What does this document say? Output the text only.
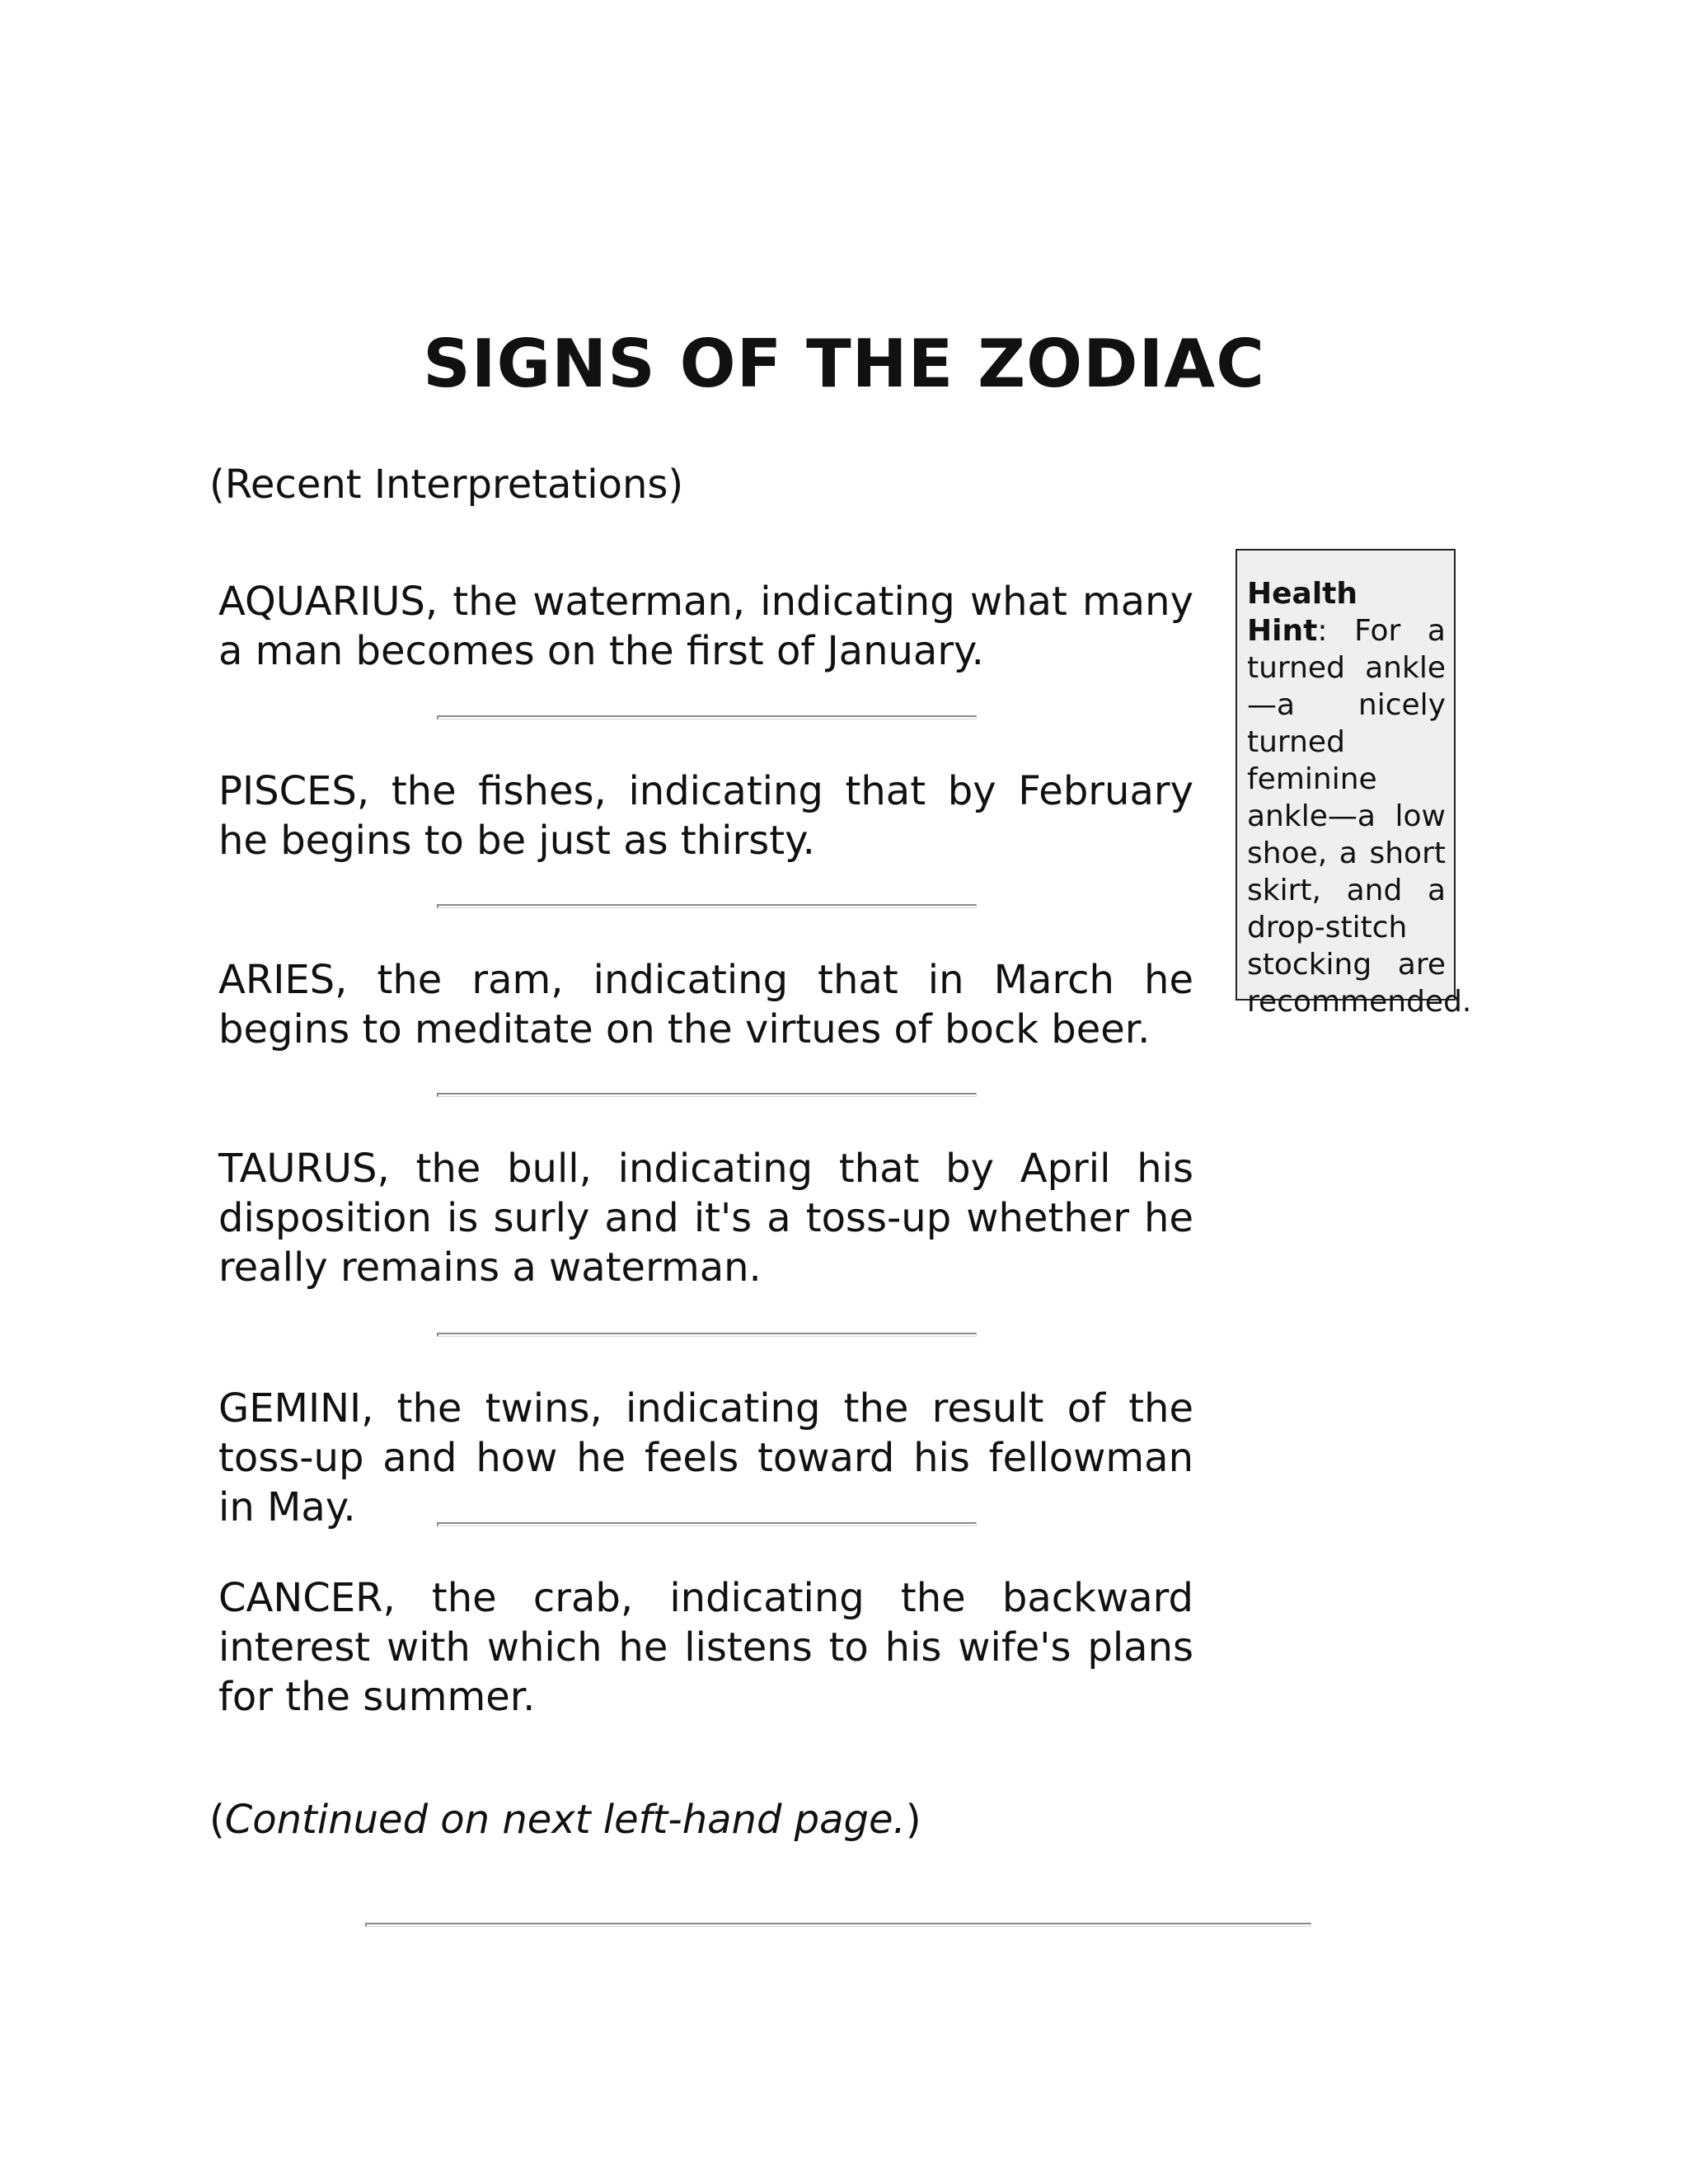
SIGNS OF THE ZODIAC

(Recent Interpretations)

AQUARIUS, the waterman, indicating what many a man becomes on the first of January.

PISCES, the fishes, indicating that by February he begins to be just as thirsty.

ARIES, the ram, indicating that in March he begins to meditate on the virtues of bock beer.

TAURUS, the bull, indicating that by April his disposition is surly and it's a toss-up whether he really remains a waterman.

GEMINI, the twins, indicating the result of the toss-up and how he feels toward his fellowman in May.

CANCER, the crab, indicating the backward interest with which he listens to his wife's plans for the summer.

(Continued on next left-hand page.)

Health Hint: For a turned ankle—a nicely turned feminine ankle—a low shoe, a short skirt, and a drop-stitch stocking are recommended.
